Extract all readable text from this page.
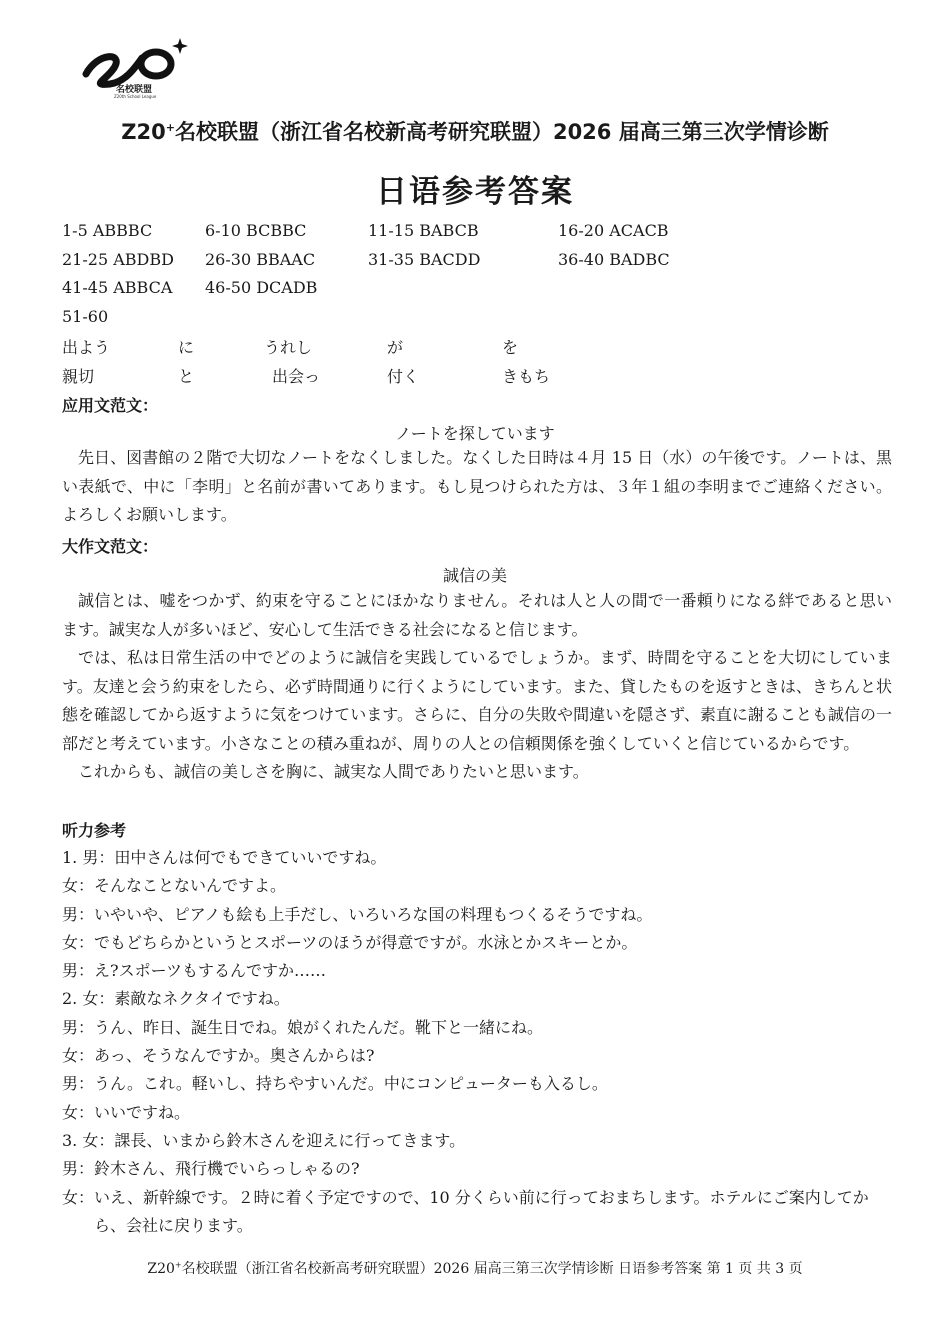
名校联盟
Z20th School League
Z20+名校联盟（浙江省名校新高考研究联盟）2026 届高三第三次学情诊断
日语参考答案
1-5 ABBBC	6-10 BCBBC	11-15 BABCB	16-20 ACACB
21-25 ABDBD 26-30 BBAAC	31-35 BACDD	36-40 BADBC
41-45 ABBCA 46-50 DCADB
51-60
出よう	に	うれし	が	を
親切	と	出会っ	付く	きもち
应用文范文：
ノートを探しています

先日、図書館の２階で大切なノートをなくしました。なくした日時は４月 15 日（水）の午後です。ノートは、黒い表紙で、中に「李明」と名前が書いてあります。もし見つけられた方は、３年１組の李明までご連絡ください。よろしくお願いします。

大作文范文：
誠信の美

誠信とは、嘘をつかず、約束を守ることにほかなりません。それは人と人の間で一番頼りになる絆であると思います。誠実な人が多いほど、安心して生活できる社会になると信じます。

では、私は日常生活の中でどのように誠信を実践しているでしょうか。まず、時間を守ることを大切にしています。友達と会う約束をしたら、必ず時間通りに行くようにしています。また、貸したものを返すときは、きちんと状態を確認してから返すように気をつけています。さらに、自分の失敗や間違いを隠さず、素直に謝ることも誠信の一部だと考えています。小さなことの積み重ねが、周りの人との信頼関係を強くしていくと信じているからです。

これからも、誠信の美しさを胸に、誠実な人間でありたいと思います。

听力参考
1. 男：田中さんは何でもできていいですね。
女：そんなことないんですよ。
男：いやいや、ピアノも絵も上手だし、いろいろな国の料理もつくるそうですね。
女：でもどちらかというとスポーツのほうが得意ですが。水泳とかスキーとか。
男：え?スポーツもするんですか……
2. 女：素敵なネクタイですね。
男：うん、昨日、誕生日でね。娘がくれたんだ。靴下と一緒にね。
女：あっ、そうなんですか。奥さんからは?
男：うん。これ。軽いし、持ちやすいんだ。中にコンピューターも入るし。
女：いいですね。
3. 女：課長、いまから鈴木さんを迎えに行ってきます。
男：鈴木さん、飛行機でいらっしゃるの?
女：いえ、新幹線です。２時に着く予定ですので、10 分くらい前に行っておまちします。ホテルにご案内してから、会社に戻ります。
Z20+名校联盟（浙江省名校新高考研究联盟）2026 届高三第三次学情诊断 日语参考答案 第 1 页 共 3 页
